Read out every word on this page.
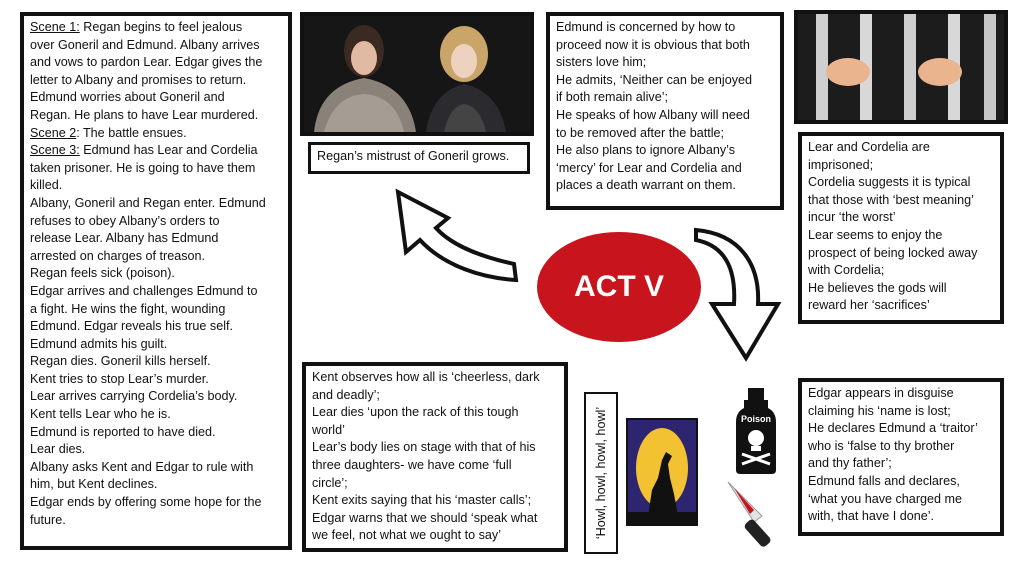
Scene 1: Regan begins to feel jealous
over Goneril and Edmund. Albany arrives
and vows to pardon Lear. Edgar gives the
letter to Albany and promises to return.
Edmund worries about Goneril and
Regan. He plans to have Lear murdered.
Scene 2: The battle ensues.
Scene 3: Edmund has Lear and Cordelia
taken prisoner. He is going to have them
killed.
Albany, Goneril and Regan enter. Edmund
refuses to obey Albany’s orders to
release Lear. Albany has Edmund
arrested on charges of treason.
Regan feels sick (poison).
Edgar arrives and challenges Edmund to
a fight. He wins the fight, wounding
Edmund. Edgar reveals his true self.
Edmund admits his guilt.
Regan dies. Goneril kills herself.
Kent tries to stop Lear’s murder.
Lear arrives carrying Cordelia’s body.
Kent tells Lear who he is.
Edmund is reported to have died.
Lear dies.
Albany asks Kent and Edgar to rule with
him, but Kent declines.
Edgar ends by offering some hope for the
future.
Regan’s mistrust of Goneril grows.
Edmund is concerned by how to
proceed now it is obvious that both
sisters love him;
He admits, ‘Neither can be enjoyed
if both remain alive’;
He speaks of how Albany will need
to be removed after the battle;
He also plans to ignore Albany’s
‘mercy’ for Lear and Cordelia and
places a death warrant on them.
Lear and Cordelia are
imprisoned;
Cordelia suggests it is typical
that those with ‘best meaning’
incur ‘the worst’
Lear seems to enjoy the
prospect of being locked away
with Cordelia;
He believes the gods will
reward her ‘sacrifices’
ACT V
Kent observes how all is ‘cheerless, dark
and deadly’;
Lear dies ‘upon the rack of this tough
world’
Lear’s body lies on stage with that of his
three daughters- we have come ‘full
circle’;
Kent exits saying that his ‘master calls’;
Edgar warns that we should ‘speak what
we feel, not what we ought to say’	‘Howl, howl, howl, howl’	Poison
Edgar appears in disguise
claiming his ‘name is lost;
He declares Edmund a ‘traitor’
who is ‘false to thy brother
and thy father’;
Edmund falls and declares,
‘what you have charged me
with, that have I done’.
